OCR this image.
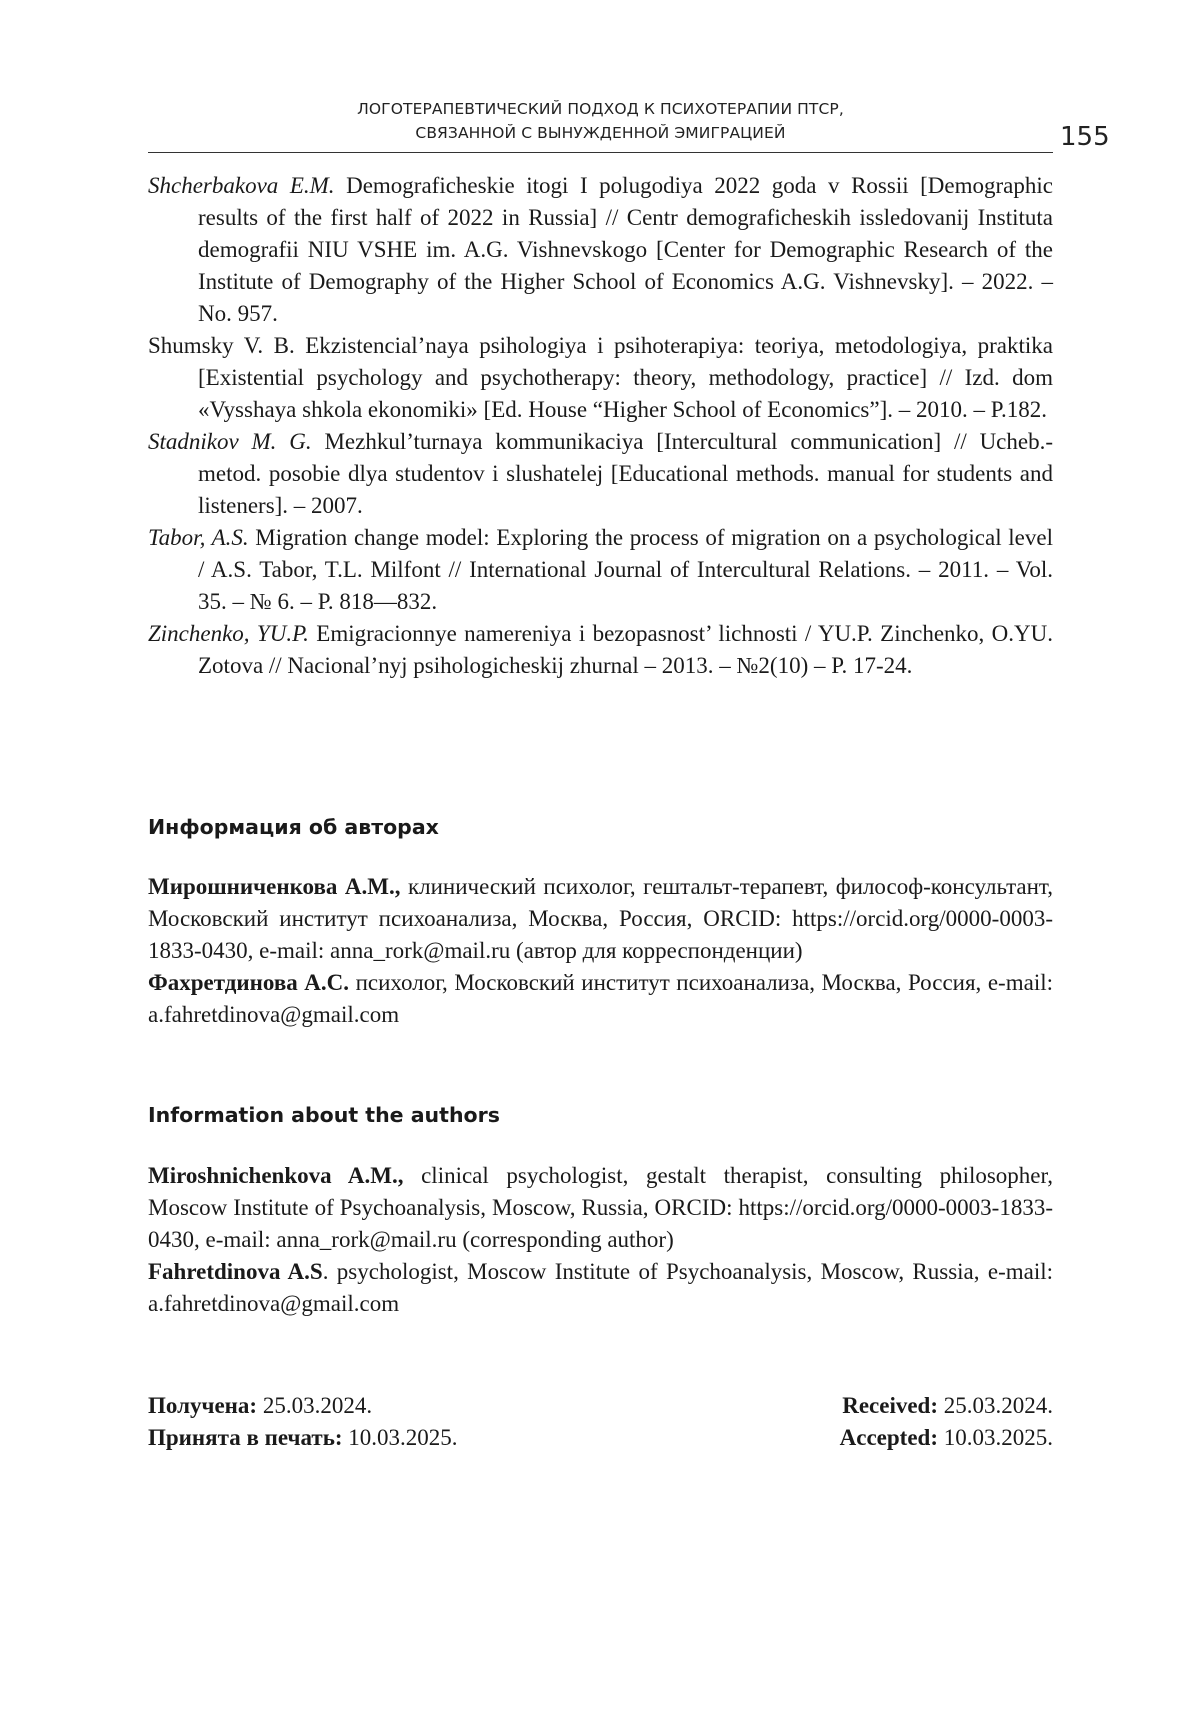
ЛОГОТЕРАПЕВТИЧЕСКИЙ ПОДХОД К ПСИХОТЕРАПИИ ПТСР,
СВЯЗАННОЙ С ВЫНУЖДЕННОЙ ЭМИГРАЦИЕЙ	155

Shcherbakova E.M. Demograficheskie itogi I polugodiya 2022 goda v Rossii [Demographic results of the first half of 2022 in Russia] // Centr demograficheskih issledovanij Instituta demografii NIU VSHE im. A.G. Vishnevskogo [Center for Demographic Research of the Institute of Demography of the Higher School of Economics A.G. Vishnevsky]. – 2022. – No. 957.

Shumsky V. B. Ekzistencial’naya psihologiya i psihoterapiya: teoriya, metodologiya, praktika [Existential psychology and psychotherapy: theory, methodology, practice] // Izd. dom «Vysshaya shkola ekonomiki» [Ed. House “Higher School of Economics”]. – 2010. – P.182.

Stadnikov M. G. Mezhkul’turnaya kommunikaciya [Intercultural communication] // Ucheb.-metod. posobie dlya studentov i slushatelej [Educational methods. manual for students and listeners]. – 2007.

Tabor, A.S. Migration change model: Exploring the process of migration on a psychological level / A.S. Tabor, T.L. Milfont // International Journal of Intercultural Relations. – 2011. – Vol. 35. – № 6. – P. 818—832.

Zinchenko, YU.P. Emigracionnye namereniya i bezopasnost’ lichnosti / YU.P. Zinchenko, O.YU. Zotova // Nacional’nyj psihologicheskij zhurnal – 2013. – №2(10) – P. 17-24.

Информация об авторах

Мирошниченкова А.М., клинический психолог, гештальт-терапевт, философ-консультант, Московский институт психоанализа, Москва, Россия, ORCID: https://orcid.org/0000-0003-1833-0430, e-mail: anna_rork@mail.ru (автор для корреспонденции)

Фахретдинова А.С. психолог, Московский институт психоанализа, Москва, Россия, e-mail: a.fahretdinova@gmail.com

Information about the authors

Miroshnichenkova A.M., clinical psychologist, gestalt therapist, consulting philosopher, Moscow Institute of Psychoanalysis, Moscow, Russia, ORCID: https://orcid.org/0000-0003-1833-0430, e-mail: anna_rork@mail.ru (corresponding author)

Fahretdinova A.S. psychologist, Moscow Institute of Psychoanalysis, Moscow, Russia, e-mail: a.fahretdinova@gmail.com

Получена: 25.03.2024.
Принята в печать: 10.03.2025.
Received: 25.03.2024.
Accepted: 10.03.2025.
